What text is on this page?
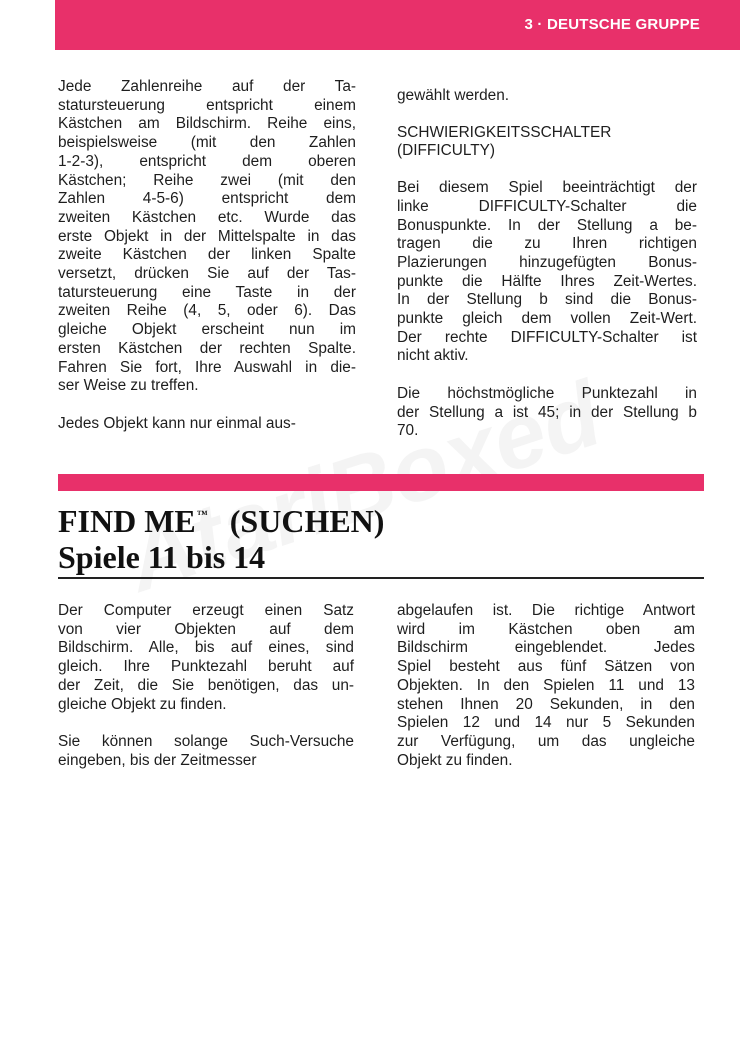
3 · DEUTSCHE GRUPPE

Jede Zahlenreihe auf der Ta-
statursteuerung entspricht einem
Kästchen am Bildschirm. Reihe eins,
beispielsweise (mit den Zahlen
1-2-3), entspricht dem oberen
Kästchen; Reihe zwei (mit den
Zahlen 4-5-6) entspricht dem
zweiten Kästchen etc. Wurde das
erste Objekt in der Mittelspalte in das
zweite Kästchen der linken Spalte
versetzt, drücken Sie auf der Tas-
tatursteuerung eine Taste in der
zweiten Reihe (4, 5, oder 6). Das
gleiche Objekt erscheint nun im
ersten Kästchen der rechten Spalte.
Fahren Sie fort, Ihre Auswahl in die-
ser Weise zu treffen.

Jedes Objekt kann nur einmal aus-

gewählt werden.

SCHWIERIGKEITSSCHALTER
(DIFFICULTY)

Bei diesem Spiel beeinträchtigt der
linke DIFFICULTY-Schalter die
Bonuspunkte. In der Stellung a be-
tragen die zu Ihren richtigen
Plazierungen hinzugefügten Bonus-
punkte die Hälfte Ihres Zeit-Wertes.
In der Stellung b sind die Bonus-
punkte gleich dem vollen Zeit-Wert.
Der rechte DIFFICULTY-Schalter ist
nicht aktiv.

Die höchstmögliche Punktezahl in
der Stellung a ist 45; in der Stellung b
70.

FIND ME™ (SUCHEN)
Spiele 11 bis 14

Der Computer erzeugt einen Satz
von vier Objekten auf dem
Bildschirm. Alle, bis auf eines, sind
gleich. Ihre Punktezahl beruht auf
der Zeit, die Sie benötigen, das un-
gleiche Objekt zu finden.

Sie können solange Such-Versuche
eingeben, bis der Zeitmesser

abgelaufen ist. Die richtige Antwort
wird im Kästchen oben am
Bildschirm eingeblendet. Jedes
Spiel besteht aus fünf Sätzen von
Objekten. In den Spielen 11 und 13
stehen Ihnen 20 Sekunden, in den
Spielen 12 und 14 nur 5 Sekunden
zur Verfügung, um das ungleiche
Objekt zu finden.
